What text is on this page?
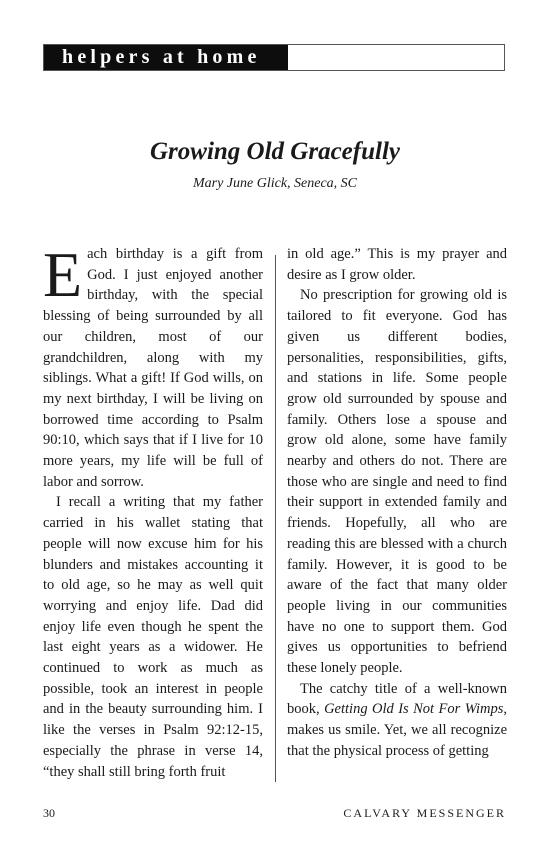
helpers at home
Growing Old Gracefully

Mary June Glick, Seneca, SC

Each birthday is a gift from God. I just enjoyed another birthday, with the special blessing of being surrounded by all our children, most of our grandchildren, along with my siblings. What a gift! If God wills, on my next birthday, I will be living on borrowed time according to Psalm 90:10, which says that if I live for 10 more years, my life will be full of labor and sorrow.

I recall a writing that my father carried in his wallet stating that people will now excuse him for his blunders and mistakes accounting it to old age, so he may as well quit worrying and enjoy life. Dad did enjoy life even though he spent the last eight years as a widower. He continued to work as much as possible, took an interest in people and in the beauty surrounding him. I like the verses in Psalm 92:12-15, especially the phrase in verse 14, “they shall still bring forth fruit

in old age.” This is my prayer and desire as I grow older.

No prescription for growing old is tailored to fit everyone. God has given us different bodies, personalities, responsibilities, gifts, and stations in life. Some people grow old surrounded by spouse and family. Others lose a spouse and grow old alone, some have family nearby and others do not. There are those who are single and need to find their support in extended family and friends. Hopefully, all who are reading this are blessed with a church family. However, it is good to be aware of the fact that many older people living in our communities have no one to support them. God gives us opportunities to befriend these lonely people.

The catchy title of a well-known book, Getting Old Is Not For Wimps, makes us smile. Yet, we all recognize that the physical process of getting

30	CALVARY MESSENGER
